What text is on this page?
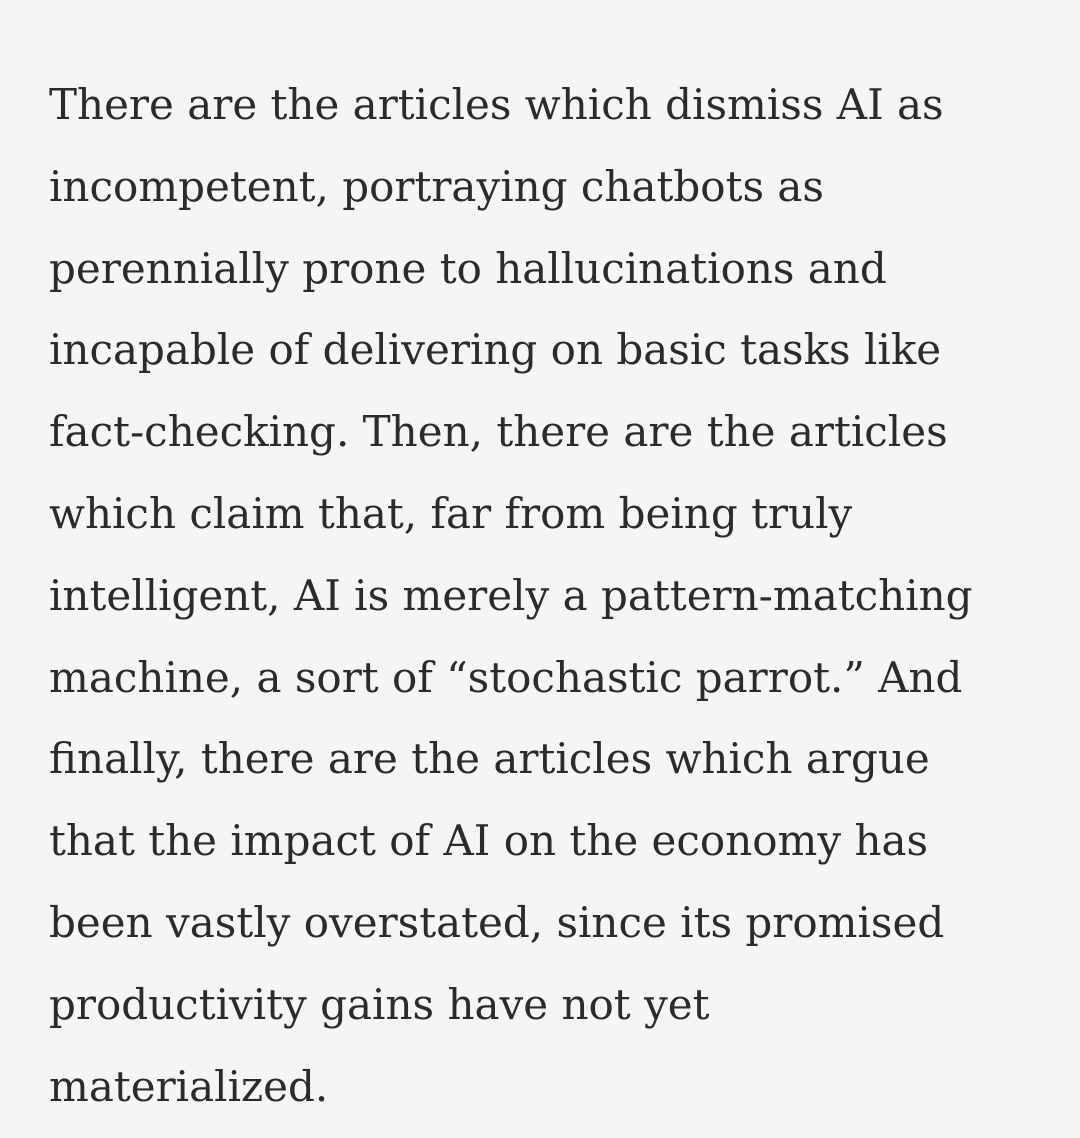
There are the articles which dismiss AI as
incompetent, portraying chatbots as
perennially prone to hallucinations and
incapable of delivering on basic tasks like
fact-checking. Then, there are the articles
which claim that, far from being truly
intelligent, AI is merely a pattern-matching
machine, a sort of “stochastic parrot.” And
finally, there are the articles which argue
that the impact of AI on the economy has
been vastly overstated, since its promised
productivity gains have not yet
materialized.
